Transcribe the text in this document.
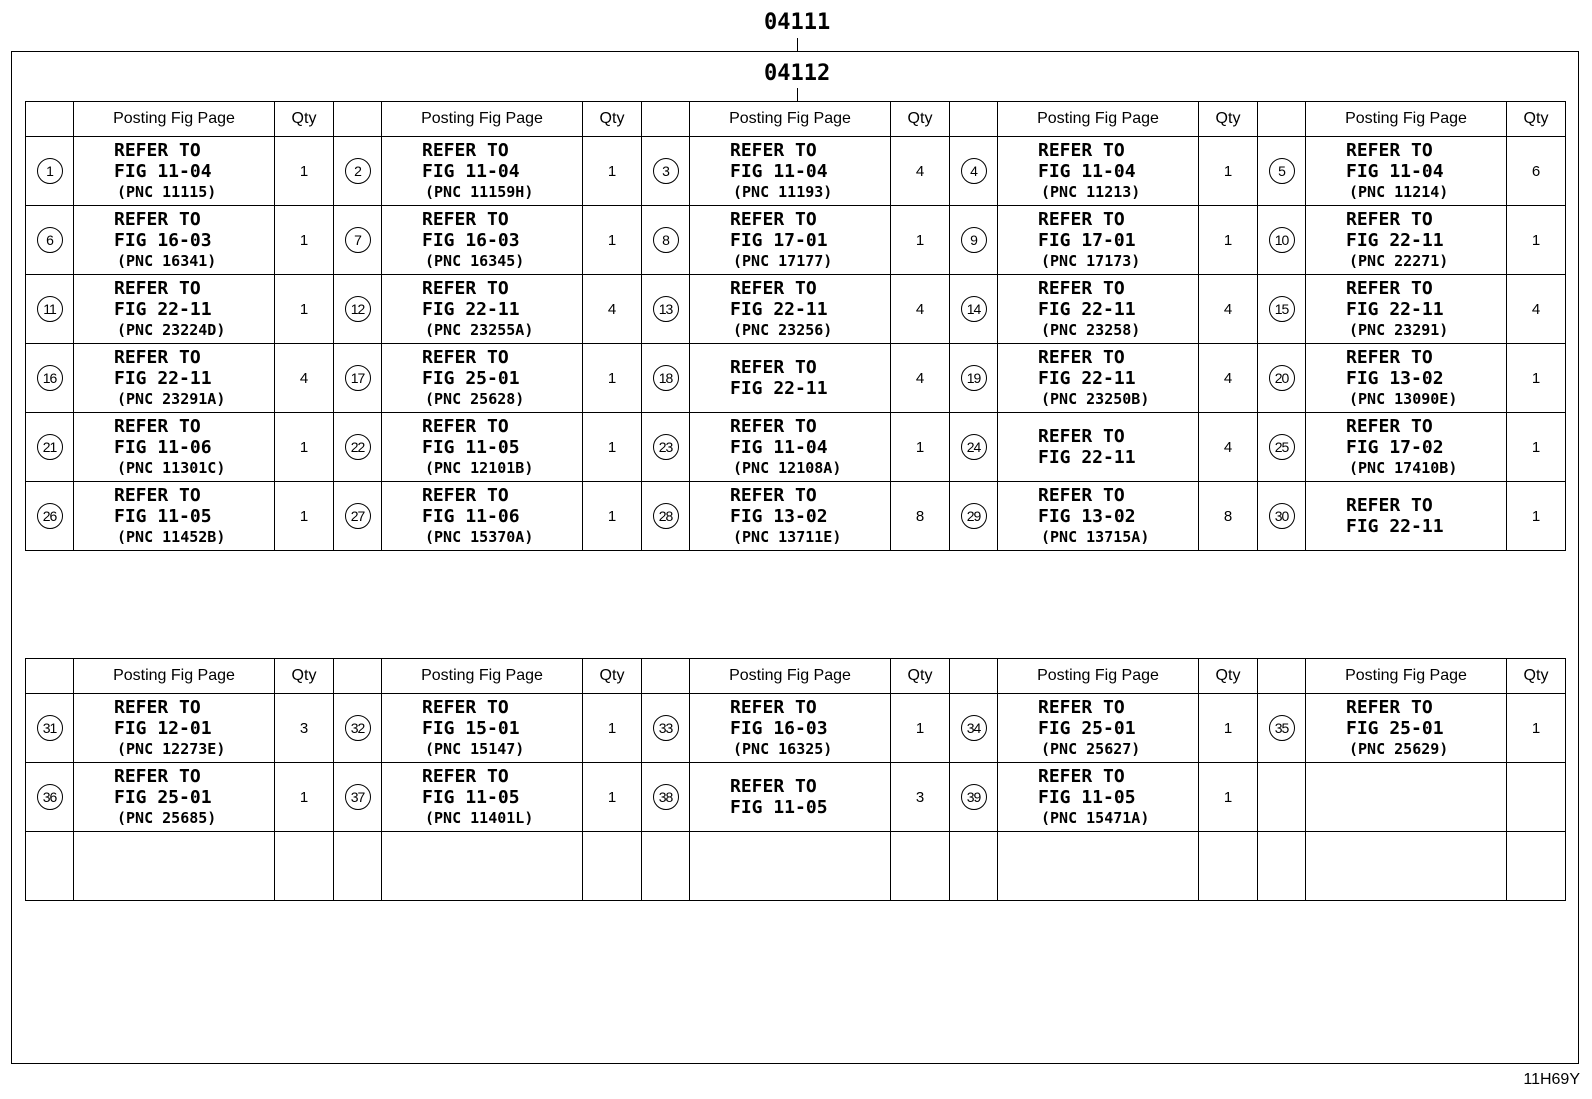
04111
04112
	Posting Fig Page	Qty		Posting Fig Page	Qty		Posting Fig Page	Qty		Posting Fig Page	Qty		Posting Fig Page	Qty
1	REFER TO
FIG 11-04
(PNC 11115)	1	2	REFER TO
FIG 11-04
(PNC 11159H)	1	3	REFER TO
FIG 11-04
(PNC 11193)	4	4	REFER TO
FIG 11-04
(PNC 11213)	1	5	REFER TO
FIG 11-04
(PNC 11214)	6
6	REFER TO
FIG 16-03
(PNC 16341)	1	7	REFER TO
FIG 16-03
(PNC 16345)	1	8	REFER TO
FIG 17-01
(PNC 17177)	1	9	REFER TO
FIG 17-01
(PNC 17173)	1	10	REFER TO
FIG 22-11
(PNC 22271)	1
11	REFER TO
FIG 22-11
(PNC 23224D)	1	12	REFER TO
FIG 22-11
(PNC 23255A)	4	13	REFER TO
FIG 22-11
(PNC 23256)	4	14	REFER TO
FIG 22-11
(PNC 23258)	4	15	REFER TO
FIG 22-11
(PNC 23291)	4
16	REFER TO
FIG 22-11
(PNC 23291A)	4	17	REFER TO
FIG 25-01
(PNC 25628)	1	18	REFER TO
FIG 22-11	4	19	REFER TO
FIG 22-11
(PNC 23250B)	4	20	REFER TO
FIG 13-02
(PNC 13090E)	1
21	REFER TO
FIG 11-06
(PNC 11301C)	1	22	REFER TO
FIG 11-05
(PNC 12101B)	1	23	REFER TO
FIG 11-04
(PNC 12108A)	1	24	REFER TO
FIG 22-11	4	25	REFER TO
FIG 17-02
(PNC 17410B)	1
26	REFER TO
FIG 11-05
(PNC 11452B)	1	27	REFER TO
FIG 11-06
(PNC 15370A)	1	28	REFER TO
FIG 13-02
(PNC 13711E)	8	29	REFER TO
FIG 13-02
(PNC 13715A)	8	30	REFER TO
FIG 22-11	1
	Posting Fig Page	Qty		Posting Fig Page	Qty		Posting Fig Page	Qty		Posting Fig Page	Qty		Posting Fig Page	Qty
31	REFER TO
FIG 12-01
(PNC 12273E)	3	32	REFER TO
FIG 15-01
(PNC 15147)	1	33	REFER TO
FIG 16-03
(PNC 16325)	1	34	REFER TO
FIG 25-01
(PNC 25627)	1	35	REFER TO
FIG 25-01
(PNC 25629)	1
36	REFER TO
FIG 25-01
(PNC 25685)	1	37	REFER TO
FIG 11-05
(PNC 11401L)	1	38	REFER TO
FIG 11-05	3	39	REFER TO
FIG 11-05
(PNC 15471A)	1			

11H69Y
